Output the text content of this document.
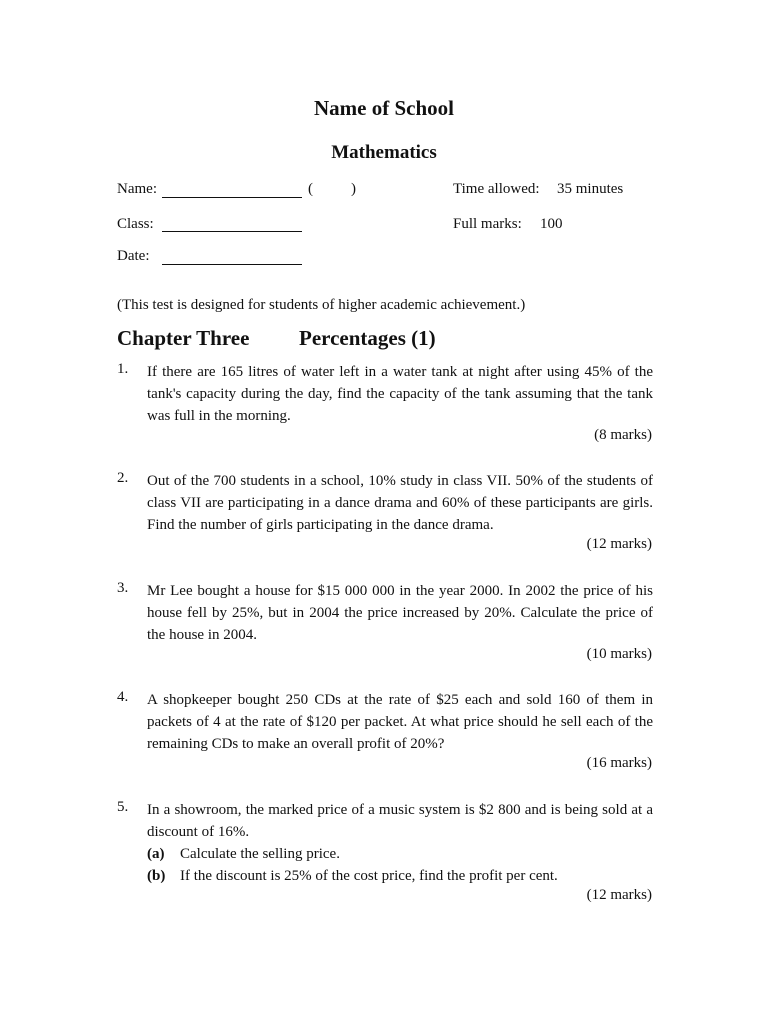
Name of School
Mathematics
Name:	(	)	Time allowed: 35 minutes
Class:	Full marks: 100
Date:
(This test is designed for students of higher academic achievement.)
Chapter Three Percentages (1)
1. If there are 165 litres of water left in a water tank at night after using 45% of the tank's capacity during the day, find the capacity of the tank assuming that the tank was full in the morning.
(8 marks)
2. Out of the 700 students in a school, 10% study in class VII. 50% of the students of class VII are participating in a dance drama and 60% of these participants are girls. Find the number of girls participating in the dance drama.
(12 marks)
3. Mr Lee bought a house for $15 000 000 in the year 2000. In 2002 the price of his house fell by 25%, but in 2004 the price increased by 20%. Calculate the price of the house in 2004.
(10 marks)
4. A shopkeeper bought 250 CDs at the rate of $25 each and sold 160 of them in packets of 4 at the rate of $120 per packet. At what price should he sell each of the remaining CDs to make an overall profit of 20%?
(16 marks)
5. In a showroom, the marked price of a music system is $2 800 and is being sold at a discount of 16%.
(a) Calculate the selling price.
(b) If the discount is 25% of the cost price, find the profit per cent.
(12 marks)
